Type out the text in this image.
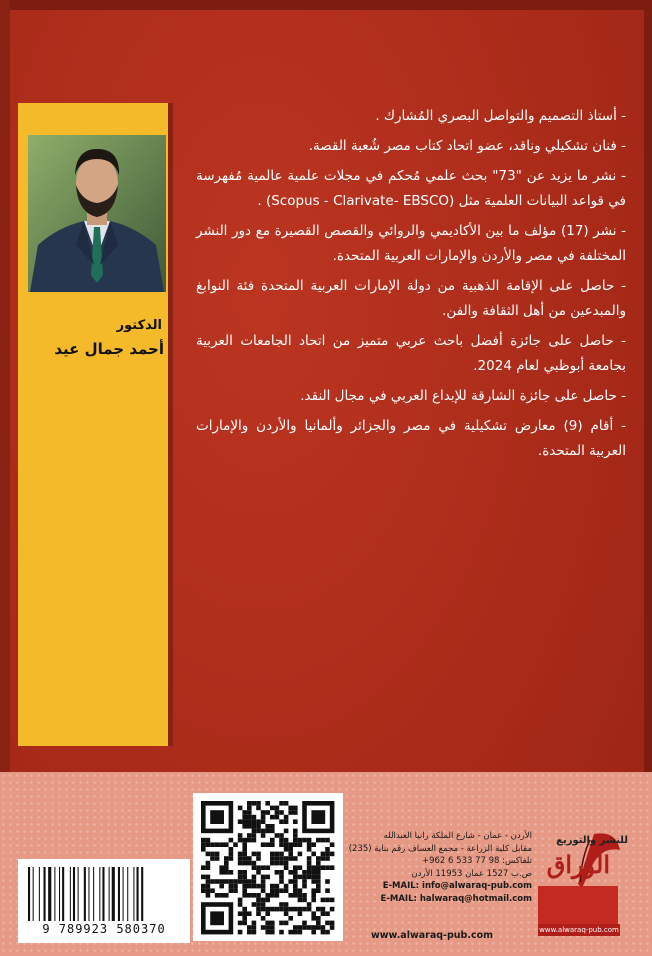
الدكتور
أحمد جمال عيد
- أستاذ التصميم والتواصل البصري المُشارك .
- فنان تشكيلي وناقد، عضو اتحاد كتاب مصر شُعبة القصة.
- نشر ما يزيد عن "73" بحث علمي مُحكم في مجلات علمية عالمية مُفهرسة في قواعد البيانات العلمية مثل (Scopus - Clarivate- EBSCO) .
- نشر (17) مؤلف ما بين الأكاديمي والروائي والقصص القصيرة مع دور النشر المختلفة في مصر والأردن والإمارات العربية المتحدة.
- حاصل على الإقامة الذهبية من دولة الإمارات العربية المتحدة فئة النوابغ والمبدعين من أهل الثقافة والفن.
- حاصل على جائزة أفضل باحث عربي متميز من اتحاد الجامعات العربية بجامعة أبوظبي لعام 2024.
- حاصل على جائزة الشارقة للإبداع العربي في مجال النقد.
- أقام (9) معارض تشكيلية في مصر والجزائر وألمانيا والأردن والإمارات العربية المتحدة.
9 789923 580370
الأردن - عمان - شارع الملكة رانيا العبدالله
مقابل كلية الزراعة - مجمع العساف رقم بناية (235)
تلفاكس: 98 77 533 6 962+
ص.ب 1527 عمان 11953 الأردن
E-MAIL: info@alwaraq-pub.com
E-MAIL: halwaraq@hotmail.com
www.alwaraq-pub.com
للنشر والتوزيع
الوراق
www.alwaraq-pub.com
